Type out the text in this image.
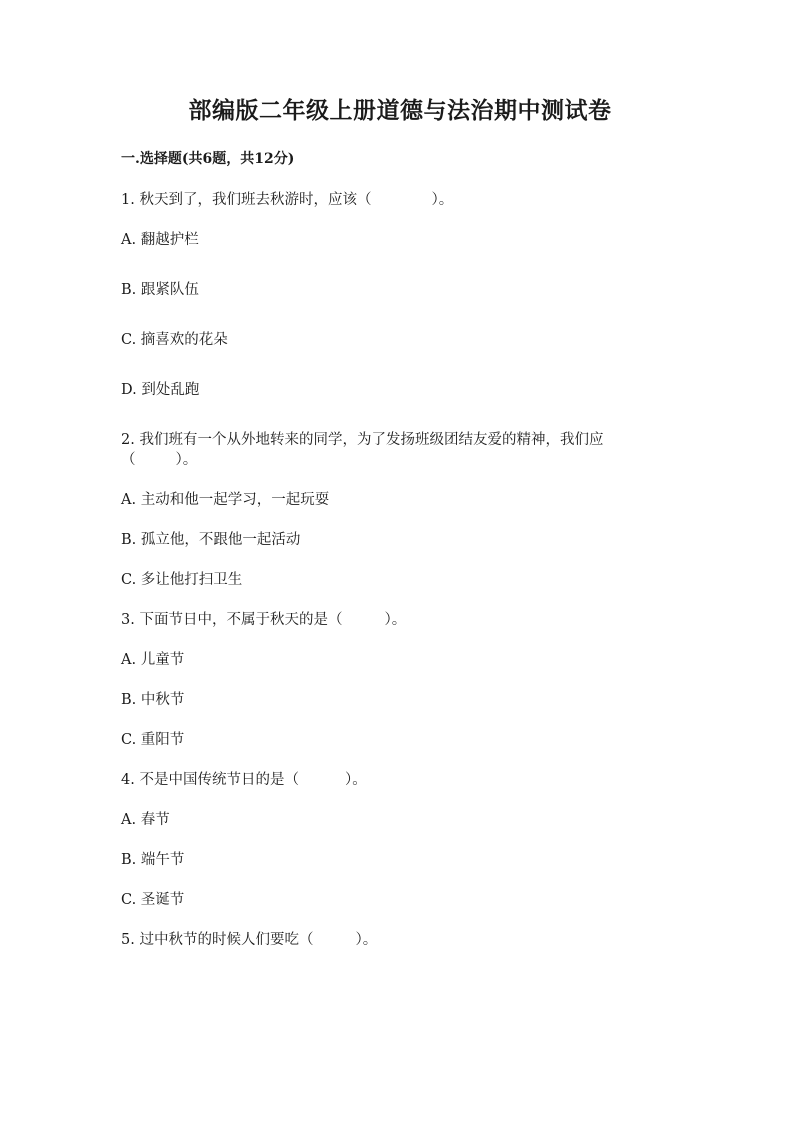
部编版二年级上册道德与法治期中测试卷
一.选择题(共6题，共12分)
1. 秋天到了，我们班去秋游时，应该（	）。
A. 翻越护栏
B. 跟紧队伍
C. 摘喜欢的花朵
D. 到处乱跑
2. 我们班有一个从外地转来的同学，为了发扬班级团结友爱的精神，我们应
（	）。
A. 主动和他一起学习，一起玩耍
B. 孤立他，不跟他一起活动
C. 多让他打扫卫生
3. 下面节日中，不属于秋天的是（	）。
A. 儿童节
B. 中秋节
C. 重阳节
4. 不是中国传统节日的是（	）。
A. 春节
B. 端午节
C. 圣诞节
5. 过中秋节的时候人们要吃（	）。
